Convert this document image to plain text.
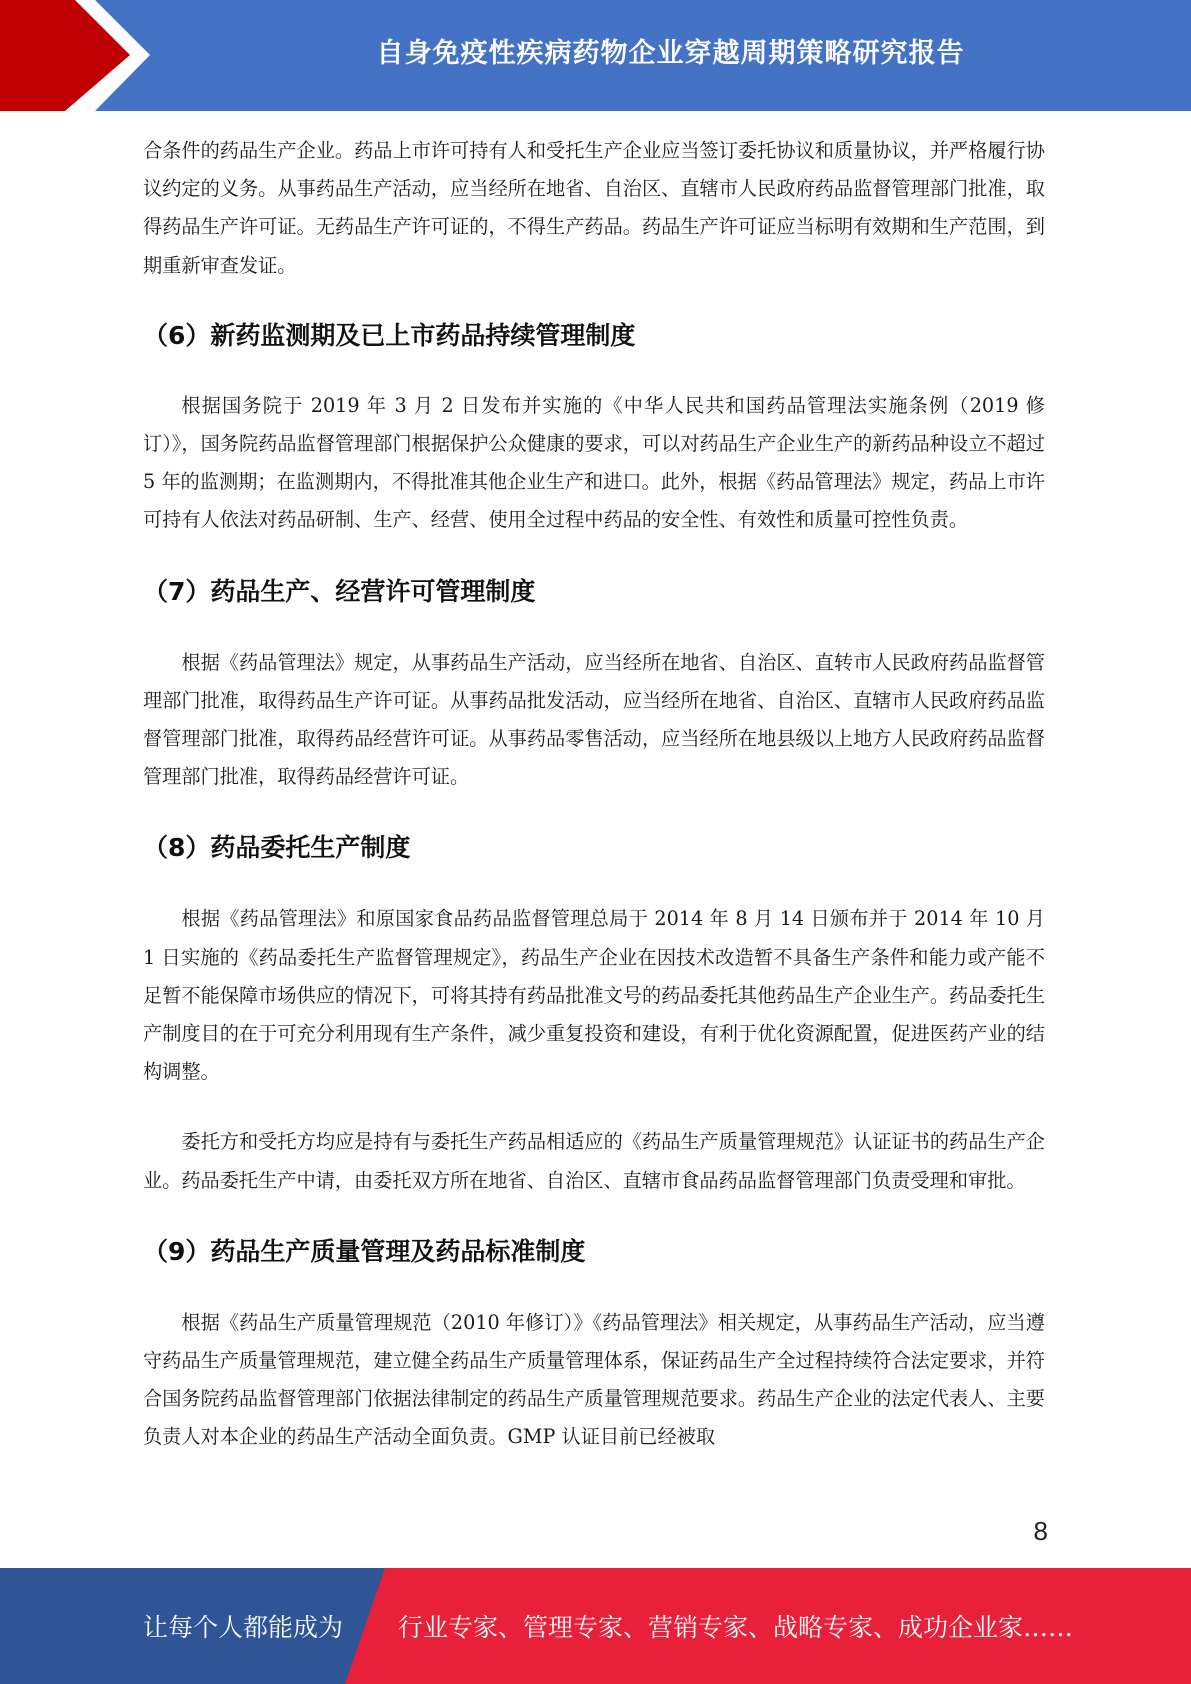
自身免疫性疾病药物企业穿越周期策略研究报告

合条件的药品生产企业。药品上市许可持有人和受托生产企业应当签订委托协议和质量协议，并严格履行协议约定的义务。从事药品生产活动，应当经所在地省、自治区、直辖市人民政府药品监督管理部门批准，取得药品生产许可证。无药品生产许可证的，不得生产药品。药品生产许可证应当标明有效期和生产范围，到期重新审查发证。

（6）新药监测期及已上市药品持续管理制度

根据国务院于 2019 年 3 月 2 日发布并实施的《中华人民共和国药品管理法实施条例（2019 修订）》，国务院药品监督管理部门根据保护公众健康的要求，可以对药品生产企业生产的新药品种设立不超过 5 年的监测期；在监测期内，不得批准其他企业生产和进口。此外，根据《药品管理法》规定，药品上市许可持有人依法对药品研制、生产、经营、使用全过程中药品的安全性、有效性和质量可控性负责。

（7）药品生产、经营许可管理制度

根据《药品管理法》规定，从事药品生产活动，应当经所在地省、自治区、直转市人民政府药品监督管理部门批准，取得药品生产许可证。从事药品批发活动，应当经所在地省、自治区、直辖市人民政府药品监督管理部门批准，取得药品经营许可证。从事药品零售活动，应当经所在地县级以上地方人民政府药品监督管理部门批准，取得药品经营许可证。

（8）药品委托生产制度

根据《药品管理法》和原国家食品药品监督管理总局于 2014 年 8 月 14 日颁布并于 2014 年 10 月 1 日实施的《药品委托生产监督管理规定》，药品生产企业在因技术改造暂不具备生产条件和能力或产能不足暂不能保障市场供应的情况下，可将其持有药品批准文号的药品委托其他药品生产企业生产。药品委托生产制度目的在于可充分利用现有生产条件，减少重复投资和建设，有利于优化资源配置，促进医药产业的结构调整。

委托方和受托方均应是持有与委托生产药品相适应的《药品生产质量管理规范》认证证书的药品生产企业。药品委托生产中请，由委托双方所在地省、自治区、直辖市食品药品监督管理部门负责受理和审批。

（9）药品生产质量管理及药品标准制度

根据《药品生产质量管理规范（2010 年修订）》《药品管理法》相关规定，从事药品生产活动，应当遵守药品生产质量管理规范，建立健全药品生产质量管理体系，保证药品生产全过程持续符合法定要求，并符合国务院药品监督管理部门依据法律制定的药品生产质量管理规范要求。药品生产企业的法定代表人、主要负责人对本企业的药品生产活动全面负责。GMP 认证目前已经被取

8
让每个人都能成为 行业专家、管理专家、营销专家、战略专家、成功企业家……
